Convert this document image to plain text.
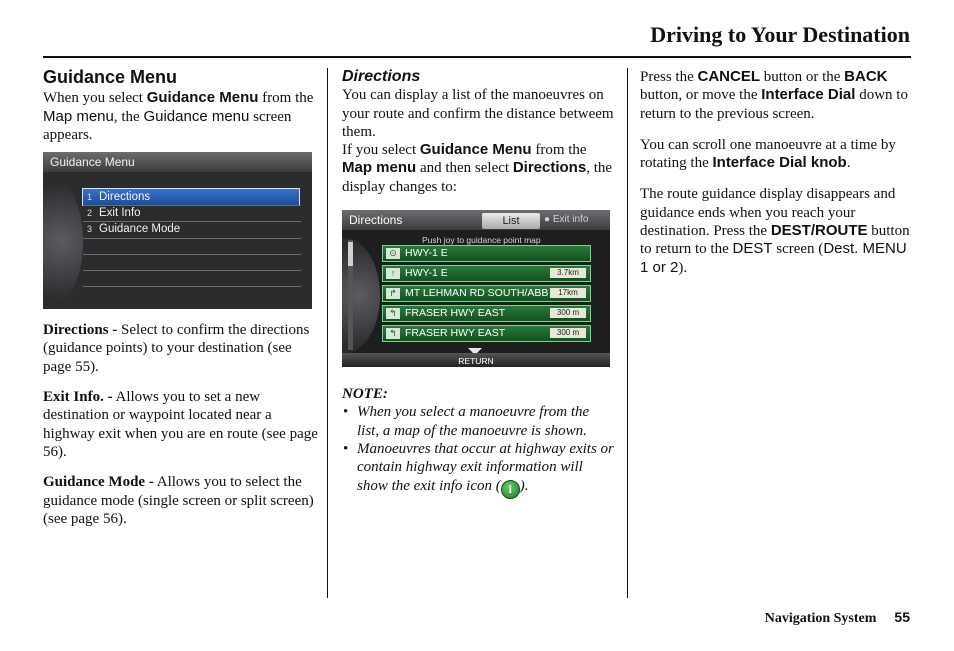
Driving to Your Destination
Guidance Menu

When you select Guidance Menu from the Map menu, the Guidance menu screen appears.

Guidance Menu
1 Directions
2 Exit Info
3 Guidance Mode

Directions - Select to confirm the directions (guidance points) to your destination (see page 55).

Exit Info. - Allows you to set a new destination or waypoint located near a highway exit when you are en route (see page 56).

Guidance Mode - Allows you to select the guidance mode (single screen or split screen) (see page 56).

Directions

You can display a list of the manoeuvres on your route and confirm the distance betweem them.

If you select Guidance Menu from the Map menu and then select Directions, the display changes to:

Directions	List	● Exit info
Push joy to guidance point map
⊙ HWY-1 E
↑ HWY-1 E	3.7km
↱ MT LEHMAN RD SOUTH/ABB	17km
↰ FRASER HWY EAST	300 m
↰ FRASER HWY EAST	300 m
RETURN

NOTE:

• When you select a manoeuvre from the list, a map of the manoeuvre is shown.
• Manoeuvres that occur at highway exits or contain highway exit information will show the exit info icon ( i ).

Press the CANCEL button or the BACK button, or move the Interface Dial down to return to the previous screen.

You can scroll one manoeuvre at a time by rotating the Interface Dial knob.

The route guidance display disappears and guidance ends when you reach your destination. Press the DEST/ROUTE button to return to the DEST screen (Dest. MENU 1 or 2).

Navigation System 55
